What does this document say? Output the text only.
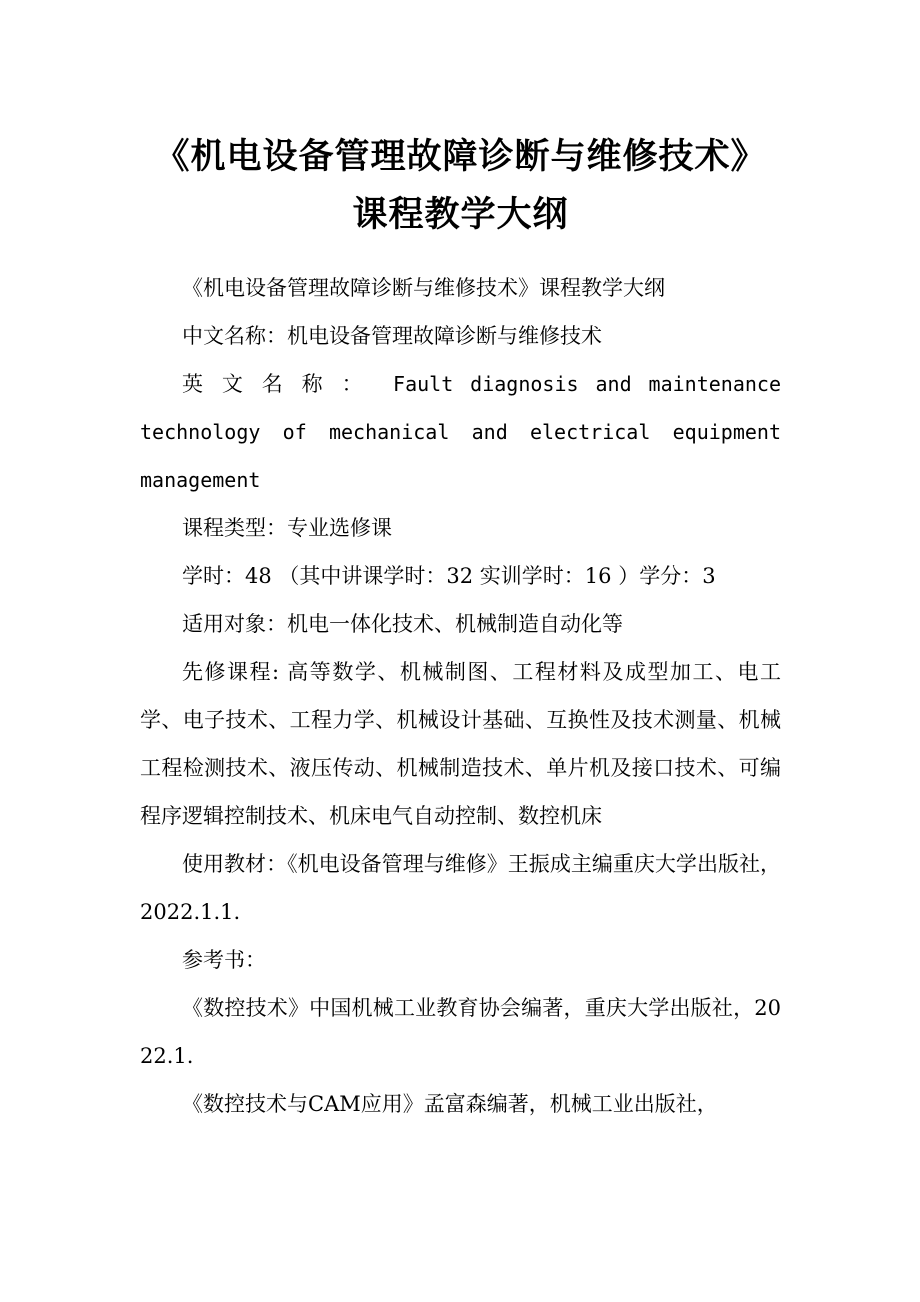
《机电设备管理故障诊断与维修技术》课程教学大纲

《机电设备管理故障诊断与维修技术》课程教学大纲

中文名称：机电设备管理故障诊断与维修技术

英文名称： Fault diagnosis and maintenance technology of mechanical and electrical equipment management

课程类型：专业选修课

学时：48 （其中讲课学时：32 实训学时：16 ）学分：3

适用对象：机电一体化技术、机械制造自动化等

先修课程: 高等数学、机械制图、工程材料及成型加工、电工学、电子技术、工程力学、机械设计基础、互换性及技术测量、机械工程检测技术、液压传动、机械制造技术、单片机及接口技术、可编程序逻辑控制技术、机床电气自动控制、数控机床

使用教材：《机电设备管理与维修》王振成主编重庆大学出版社，2022.1.1.

参考书：

《数控技术》中国机械工业教育协会编著，重庆大学出版社，2022.1.

《数控技术与CAM应用》孟富森编著，机械工业出版社，
